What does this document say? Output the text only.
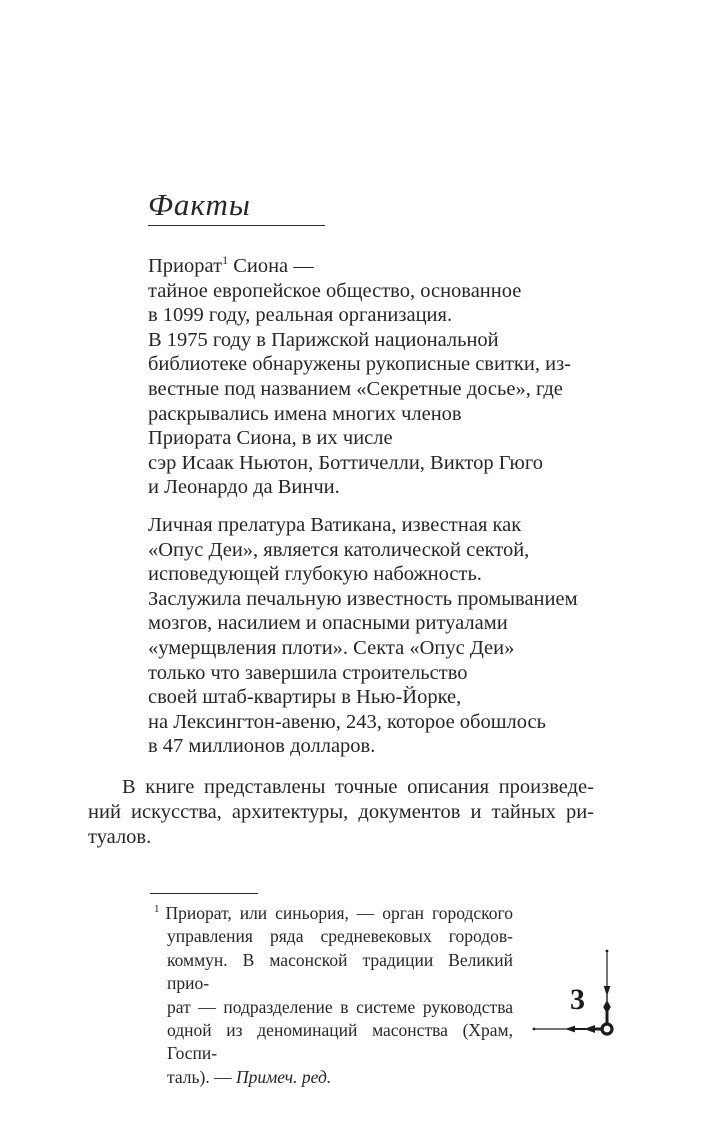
Факты
Приорат$^1$ Сиона —
тайное европейское общество, основанное
в 1099 году, реальная организация.
В 1975 году в Парижской национальной
библиотеке обнаружены рукописные свитки, из-
вестные под названием «Секретные досье», где
раскрывались имена многих членов
Приората Сиона, в их числе
сэр Исаак Ньютон, Боттичелли, Виктор Гюго
и Леонардо да Винчи.
Личная прелатура Ватикана, известная как
«Опус Деи», является католической сектой,
исповедующей глубокую набожность.
Заслужила печальную известность промыванием
мозгов, насилием и опасными ритуалами
«умерщвления плоти». Секта «Опус Деи»
только что завершила строительство
своей штаб-квартиры в Нью-Йорке,
на Лексингтон-авеню, 243, которое обошлось
в 47 миллионов долларов.
В книге представлены точные описания произведе-
ний искусства, архитектуры, документов и тайных ри-
туалов.
$^1$ Приорат, или синьория, — орган городского
управления ряда средневековых городов-
коммун. В масонской традиции Великий прио-
рат — подразделение в системе руководства
одной из деноминаций масонства (Храм, Госпи-
таль). — Примеч. ред.
3
